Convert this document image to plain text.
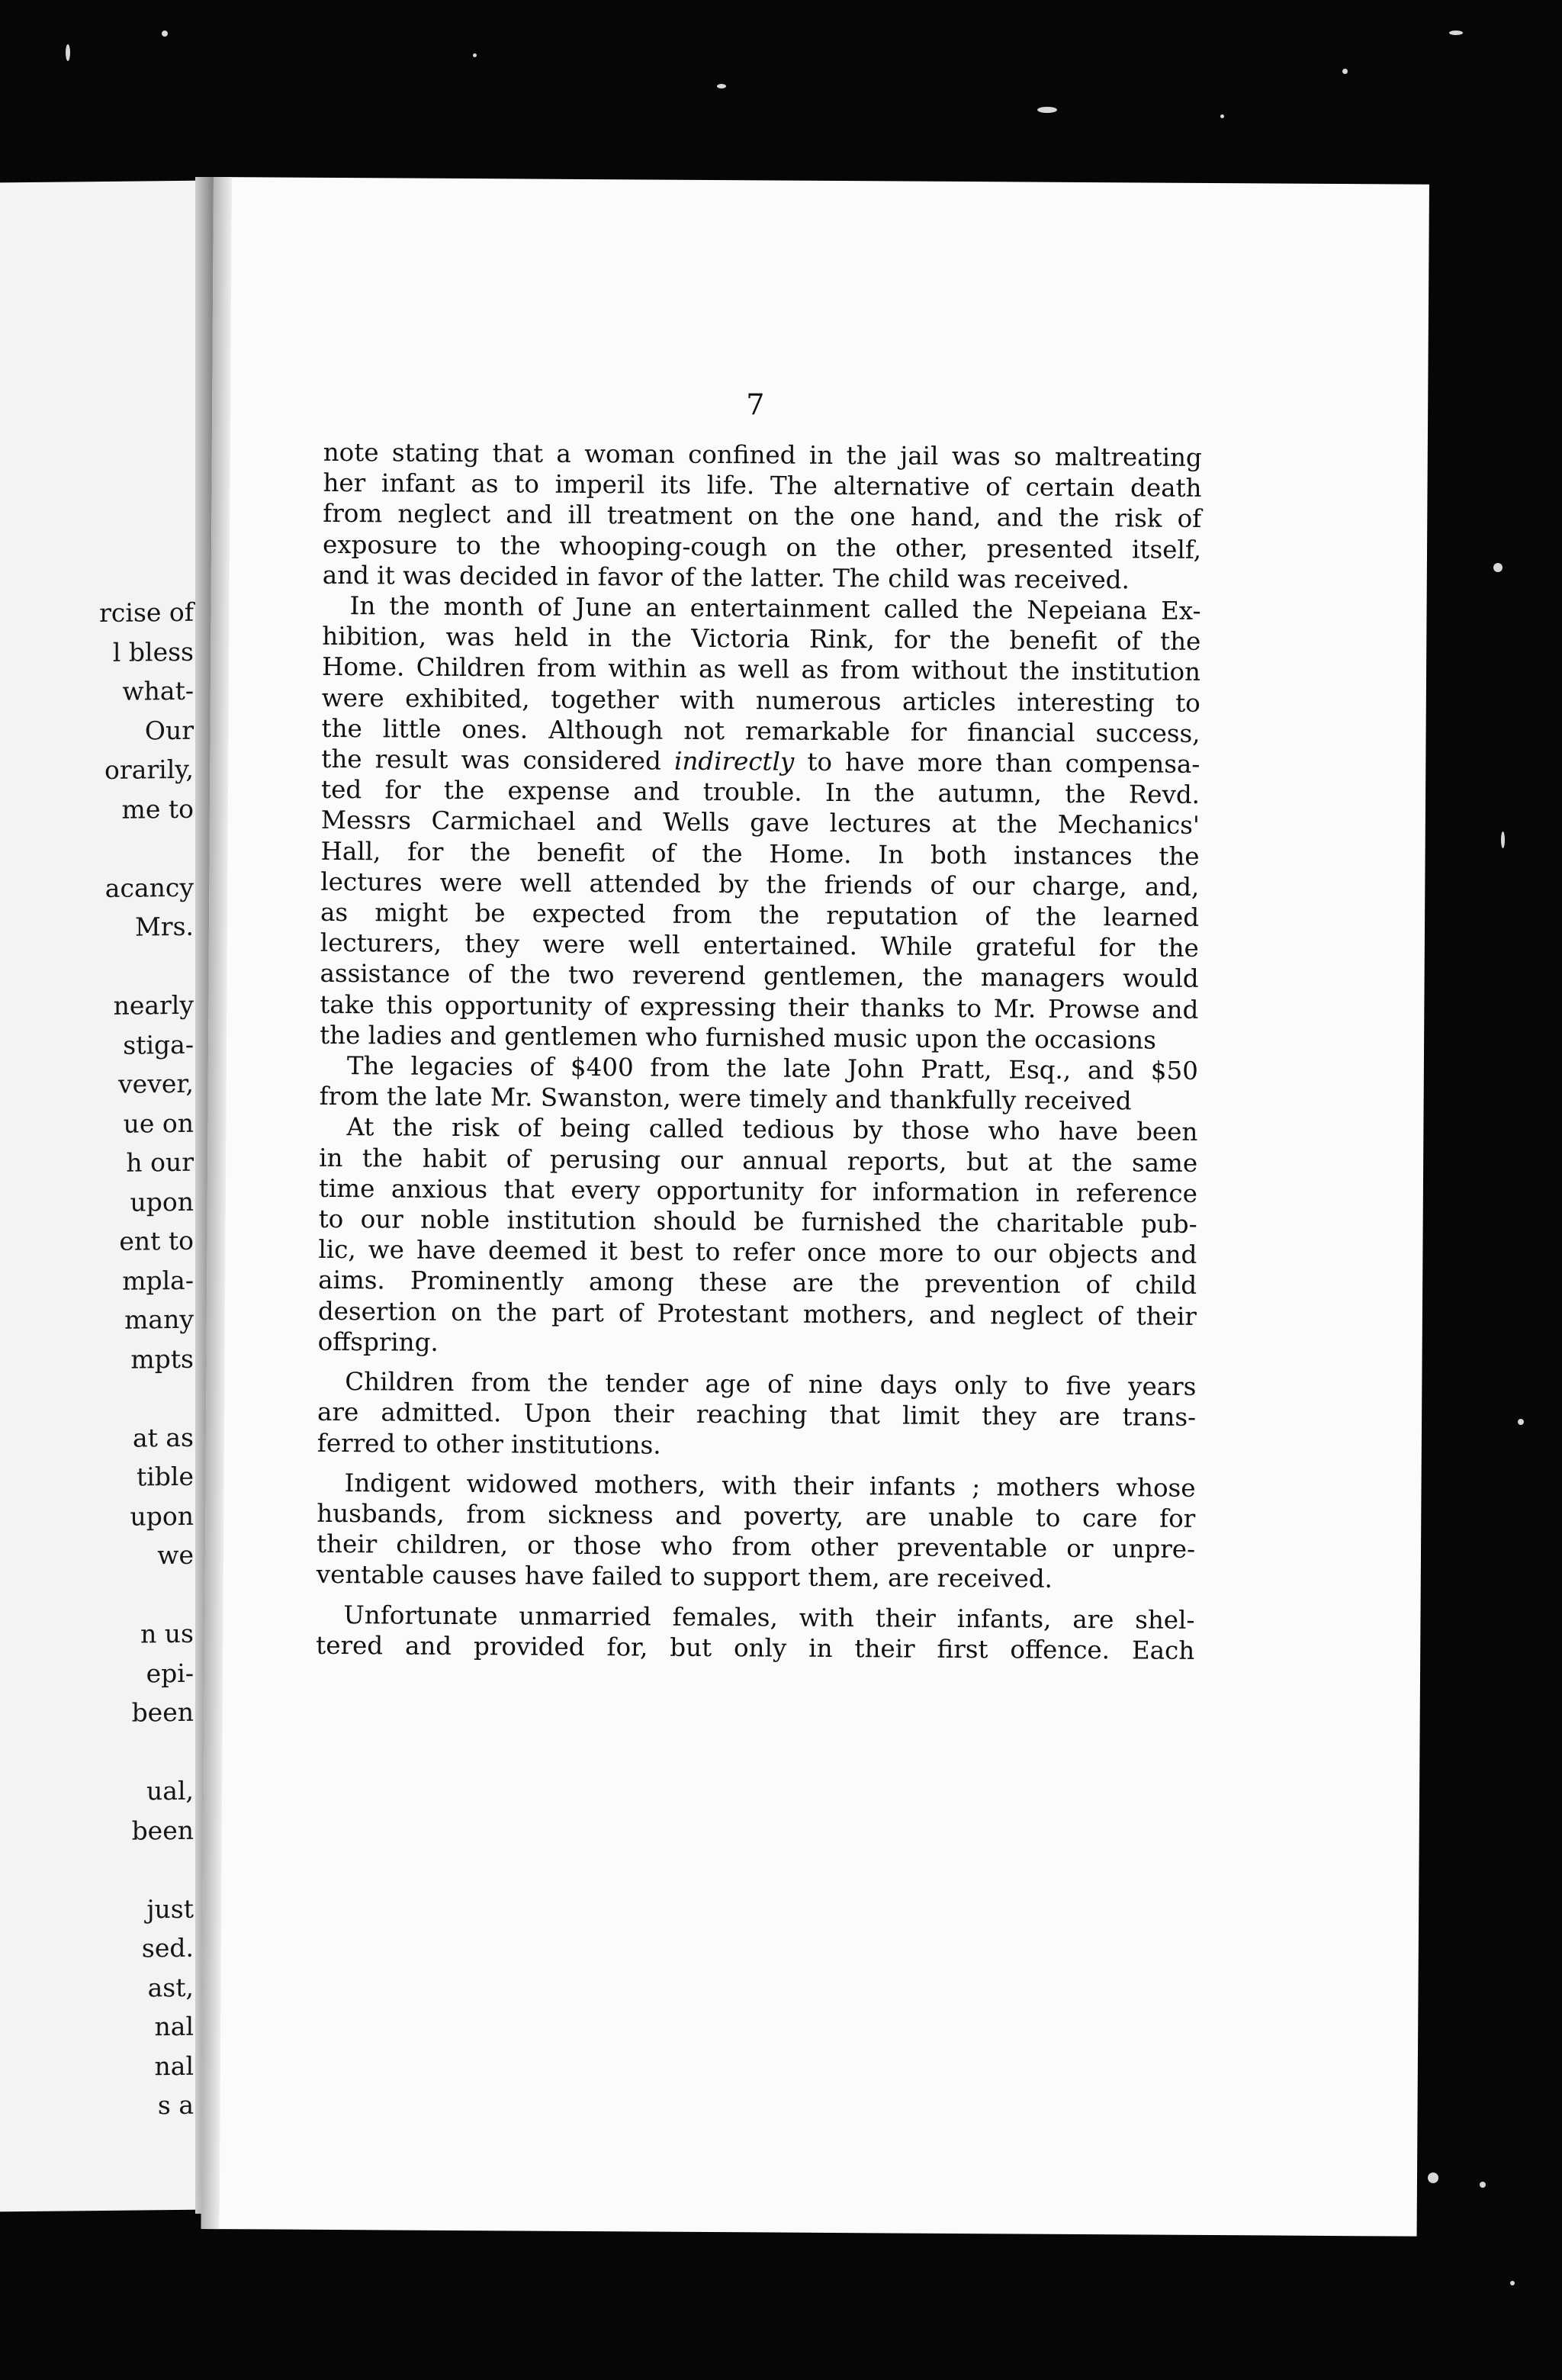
rcise of
l bless
what-
Our
orarily,
me to
acancy
Mrs.
nearly
stiga-
vever,
ue on
h our
upon
ent to
mpla-
many
mpts
at as
tible
upon
we
n us
epi-
been
ual,
been
just
sed.
ast,
nal
nal
s a
7
note stating that a woman confined in the jail was so maltreating
her infant as to imperil its life. The alternative of certain death
from neglect and ill treatment on the one hand, and the risk of
exposure to the whooping-cough on the other, presented itself,
and it was decided in favor of the latter. The child was received.
In the month of June an entertainment called the Nepeiana Ex-
hibition, was held in the Victoria Rink, for the benefit of the
Home. Children from within as well as from without the institution
were exhibited, together with numerous articles interesting to
the little ones. Although not remarkable for financial success,
the result was considered indirectly to have more than compensa-
ted for the expense and trouble. In the autumn, the Revd.
Messrs Carmichael and Wells gave lectures at the Mechanics'
Hall, for the benefit of the Home. In both instances the
lectures were well attended by the friends of our charge, and,
as might be expected from the reputation of the learned
lecturers, they were well entertained. While grateful for the
assistance of the two reverend gentlemen, the managers would
take this opportunity of expressing their thanks to Mr. Prowse and
the ladies and gentlemen who furnished music upon the occasions
The legacies of $400 from the late John Pratt, Esq., and $50
from the late Mr. Swanston, were timely and thankfully received
At the risk of being called tedious by those who have been
in the habit of perusing our annual reports, but at the same
time anxious that every opportunity for information in reference
to our noble institution should be furnished the charitable pub-
lic, we have deemed it best to refer once more to our objects and
aims. Prominently among these are the prevention of child
desertion on the part of Protestant mothers, and neglect of their
offspring.
Children from the tender age of nine days only to five years
are admitted. Upon their reaching that limit they are trans-
ferred to other institutions.
Indigent widowed mothers, with their infants ; mothers whose
husbands, from sickness and poverty, are unable to care for
their children, or those who from other preventable or unpre-
ventable causes have failed to support them, are received.
Unfortunate unmarried females, with their infants, are shel-
tered and provided for, but only in their first offence. Each
